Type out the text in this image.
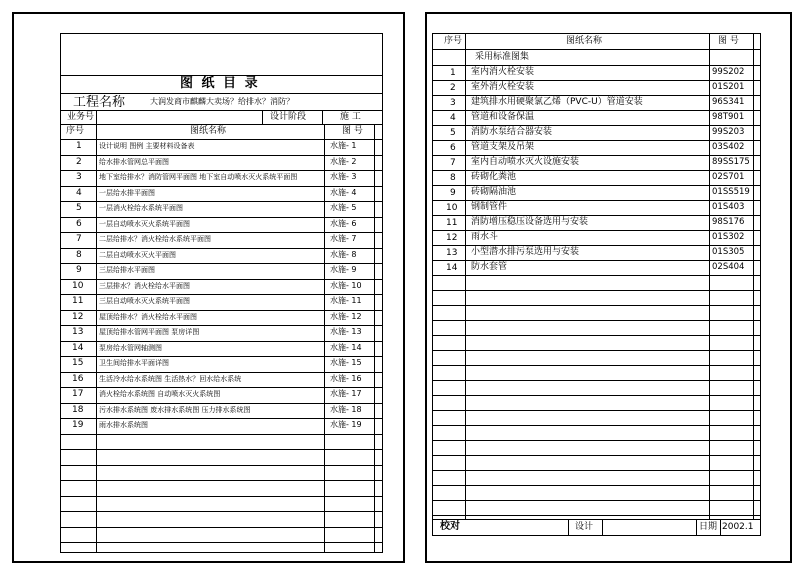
图 纸 目 录
工程名称	大润发商市麒麟大卖场？给排水？消防？
业务号	设计阶段	施 工
序号	图纸名称	图 号
1 设计说明 图例 主要材料设备表	水施- 1
2 给水排水管网总平面图	水施- 2
3 地下室给排水？消防管网平面图 地下室自动喷水灭火系统平面图	水施- 3
4 一层给水排平面图	水施- 4
5 一层消火栓给水系统平面图	水施- 5
6 一层自动喷水灭火系统平面图	水施- 6
7 二层给排水？消火栓给水系统平面图	水施- 7
8 二层自动喷水灭火平面图	水施- 8
9 三层给排水平面图	水施- 9
10 三层排水？消火栓给水平面图	水施- 10
11 三层自动喷水灭火系统平面图	水施- 11
12 屋顶给排水？消火栓给水平面图	水施- 12
13 屋顶给排水管网平面图 泵房详图	水施- 13
14 泵房给水管网轴测图	水施- 14
15 卫生间给排水平面详图	水施- 15
16 生活冷水给水系统图 生活热水？回水给水系统	水施- 16
17 消火栓给水系统图 自动喷水灭火系统图	水施- 17
18 污水排水系统图 废水排水系统图 压力排水系统图	水施- 18
19 雨水排水系统图	水施- 19
序号	图纸名称	图 号
采用标准图集
1 室内消火栓安装	99S202
2 室外消火栓安装	01S201
3 建筑排水用硬聚氯乙烯（PVC-U）管道安装	96S341
4 管道和设备保温	98T901
5 消防水泵结合器安装	99S203
6 管道支架及吊架	03S402
7 室内自动喷水灭火设施安装	89SS175
8 砖砌化粪池	02S701
9 砖砌隔油池	01SS519
10 钢制管件	01S403
11 消防增压稳压设备选用与安装	98S176
12 雨水斗	01S302
13 小型潜水排污泵选用与安装	01S305
14 防水套管	02S404
校对	设计	日期 2002.1
